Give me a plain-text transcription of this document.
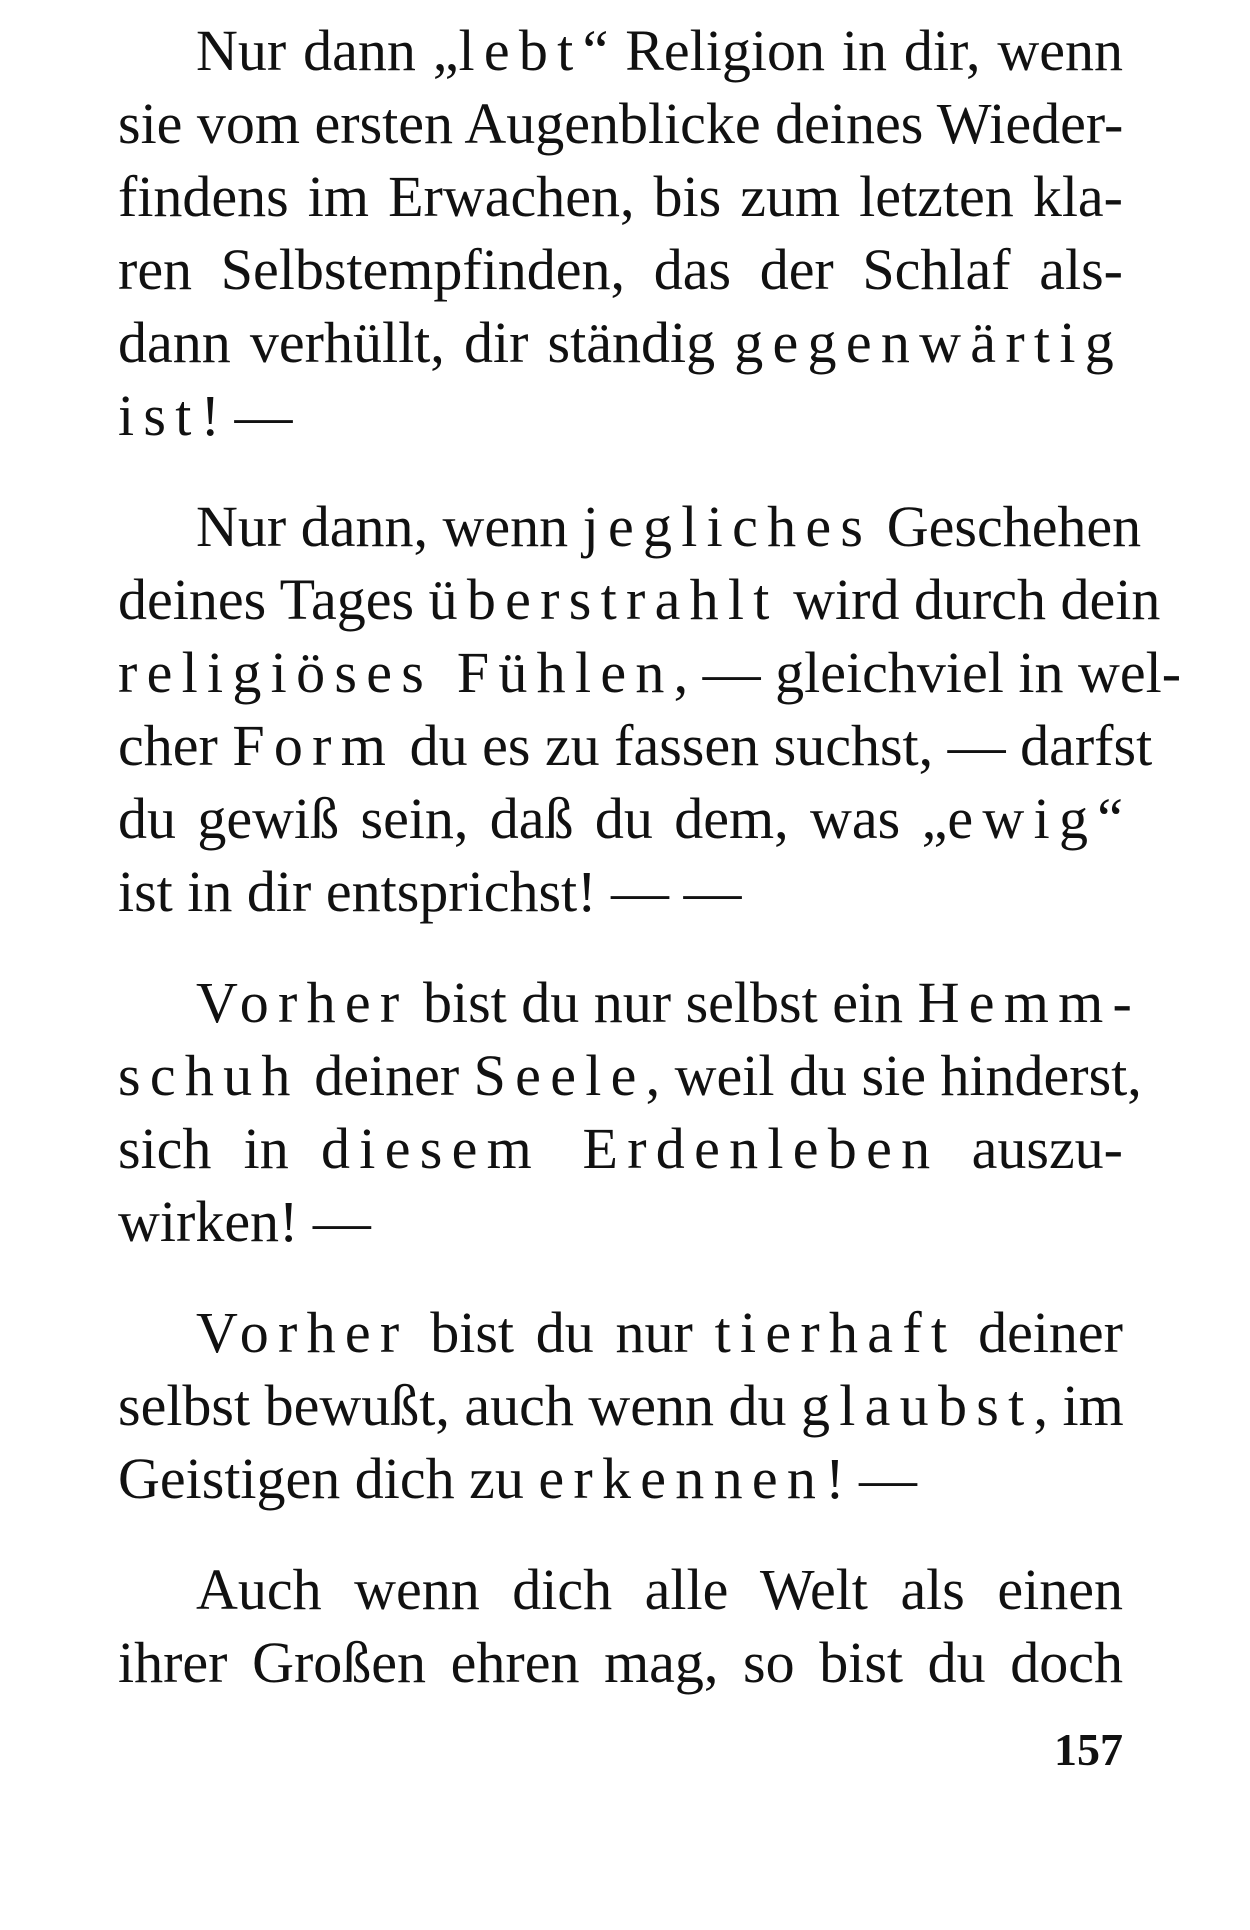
Nur dann „lebt“ Religion in dir, wenn
sie vom ersten Augenblicke deines Wieder-
findens im Erwachen, bis zum letzten kla-
ren Selbstempfinden, das der Schlaf als-
dann verhüllt, dir ständig gegenwärtig
ist! —
Nur dann, wenn jegliches Geschehen
deines Tages überstrahlt wird durch dein
religiöses Fühlen, — gleichviel in wel-
cher Form du es zu fassen suchst, — darfst
du gewiß sein, daß du dem, was „ewig“
ist in dir entsprichst! — —
Vorher bist du nur selbst ein Hemm-
schuh deiner Seele, weil du sie hinderst,
sich in diesem Erdenleben auszu-
wirken! —
Vorher bist du nur tierhaft deiner
selbst bewußt, auch wenn du glaubst, im
Geistigen dich zu erkennen! —
Auch wenn dich alle Welt als einen
ihrer Großen ehren mag, so bist du doch
157
